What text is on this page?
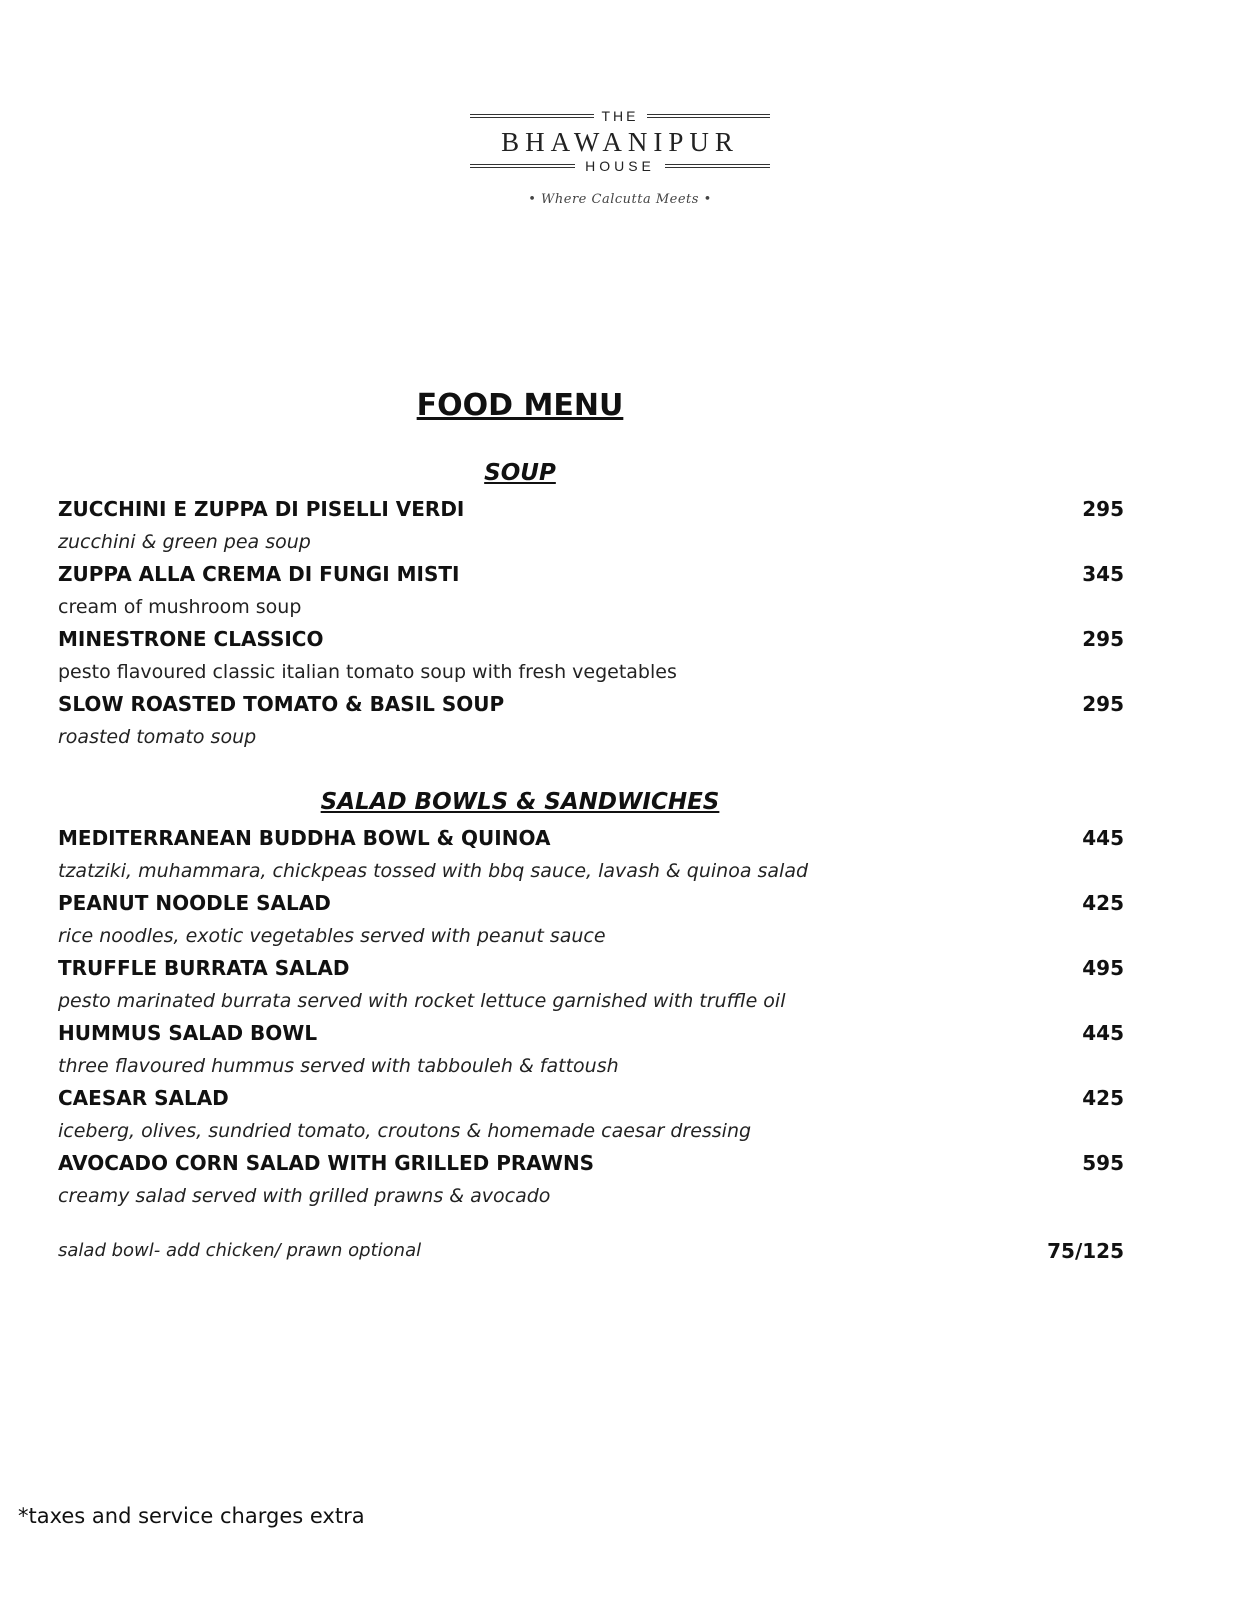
THE
BHAWANIPUR
HOUSE
• Where Calcutta Meets •
FOOD MENU
SOUP

ZUCCHINI E ZUPPA DI PISELLI VERDI	295

zucchini & green pea soup

ZUPPA ALLA CREMA DI FUNGI MISTI	345

cream of mushroom soup

MINESTRONE CLASSICO	295

pesto flavoured classic italian tomato soup with fresh vegetables

SLOW ROASTED TOMATO & BASIL SOUP	295

roasted tomato soup

SALAD BOWLS & SANDWICHES

MEDITERRANEAN BUDDHA BOWL & QUINOA	445

tzatziki, muhammara, chickpeas tossed with bbq sauce, lavash & quinoa salad

PEANUT NOODLE SALAD	425

rice noodles, exotic vegetables served with peanut sauce

TRUFFLE BURRATA SALAD	495

pesto marinated burrata served with rocket lettuce garnished with truffle oil

HUMMUS SALAD BOWL	445

three flavoured hummus served with tabbouleh & fattoush

CAESAR SALAD	425

iceberg, olives, sundried tomato, croutons & homemade caesar dressing

AVOCADO CORN SALAD WITH GRILLED PRAWNS	595

creamy salad served with grilled prawns & avocado

salad bowl- add chicken/ prawn optional	75/125
*taxes and service charges extra
